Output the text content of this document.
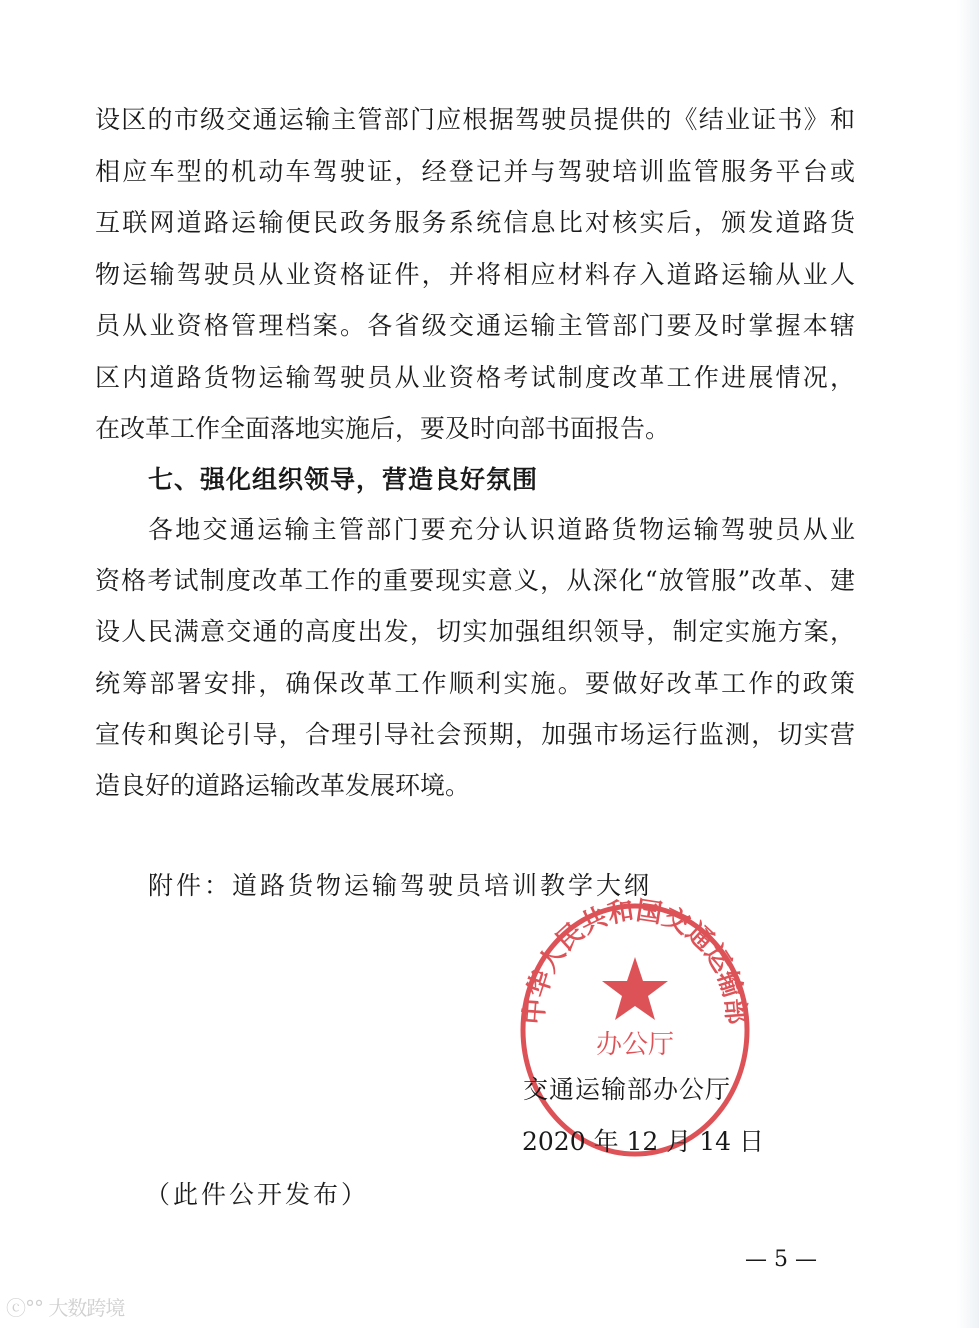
设区的市级交通运输主管部门应根据驾驶员提供的《结业证书》和
相应车型的机动车驾驶证，经登记并与驾驶培训监管服务平台或
互联网道路运输便民政务服务系统信息比对核实后，颁发道路货
物运输驾驶员从业资格证件，并将相应材料存入道路运输从业人
员从业资格管理档案。各省级交通运输主管部门要及时掌握本辖
区内道路货物运输驾驶员从业资格考试制度改革工作进展情况，
在改革工作全面落地实施后，要及时向部书面报告。
七、强化组织领导，营造良好氛围
各地交通运输主管部门要充分认识道路货物运输驾驶员从业
资格考试制度改革工作的重要现实意义，从深化“放管服”改革、建
设人民满意交通的高度出发，切实加强组织领导，制定实施方案，
统筹部署安排，确保改革工作顺利实施。要做好改革工作的政策
宣传和舆论引导，合理引导社会预期，加强市场运行监测，切实营
造良好的道路运输改革发展环境。
附件：道路货物运输驾驶员培训教学大纲
中华人民共和国交通运输部
办公厅
交通运输部办公厅
2020 年 12 月 14 日
（此件公开发布）
— 5 —
ⓒ°° 大数跨境
